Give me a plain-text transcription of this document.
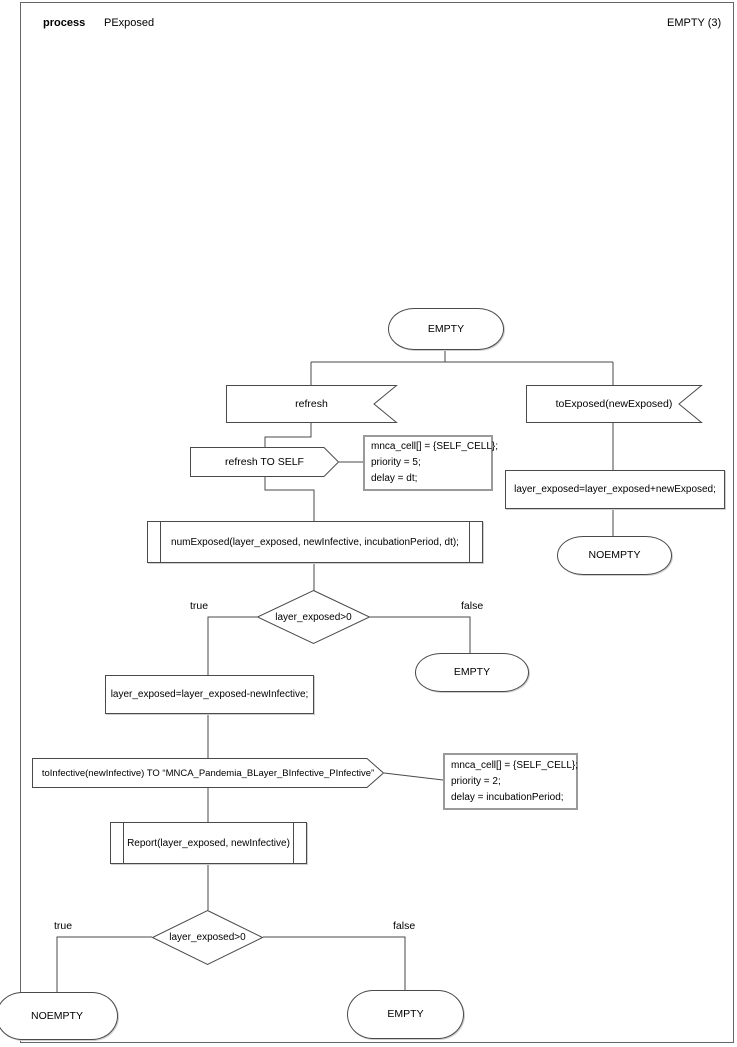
process PExposed	EMPTY (3)
EMPTY
refresh	toExposed(newExposed)
refresh TO SELF
mnca_cell[] = {SELF_CELL};
priority = 5;
delay = dt;
layer_exposed=layer_exposed+newExposed;
NOEMPTY
numExposed(layer_exposed, newInfective, incubationPeriod, dt);
layer_exposed>0
true	false
EMPTY
layer_exposed=layer_exposed-newInfective;
toInfective(newInfective) TO “MNCA_Pandemia_BLayer_BInfective_PInfective”
mnca_cell[] = {SELF_CELL};
priority = 2;
delay = incubationPeriod;
Report(layer_exposed, newInfective)
layer_exposed>0
true	false
NOEMPTY	EMPTY
